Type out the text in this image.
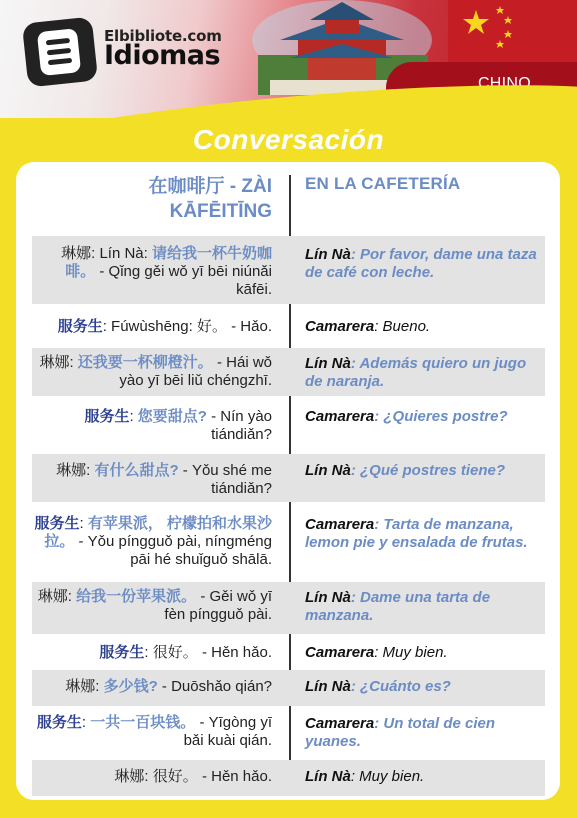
Elbibliote.com
Idiomas
CHINO
Conversación
在咖啡厅 - ZÀI KĀFĒITĪNG
EN LA CAFETERÍA
琳娜: Lín Nà: 请给我一杯牛奶咖啡。 - Qǐng gěi wǒ yī bēi niúnǎi kāfēi.
Lín Nà: Por favor, dame una taza de café con leche.
服务生: Fúwùshēng: 好。 - Hǎo. Camarera: Bueno.
琳娜: 还我要一杯柳橙汁。 - Hái wǒ yào yī bēi liǔ chéngzhī.
Lín Nà: Además quiero un jugo de naranja.
服务生: 您要甜点? - Nín yào tiándiǎn?
Camarera: ¿Quieres postre?
琳娜: 有什么甜点? - Yǒu shé me tiándiǎn?
Lín Nà: ¿Qué postres tiene?
服务生: 有苹果派， 柠檬拍和水果沙拉。 - Yǒu píngguǒ pài, níngméng pāi hé shuǐguǒ shālā.
Camarera: Tarta de manzana, lemon pie y ensalada de frutas.
琳娜: 给我一份苹果派。 - Gěi wǒ yī fèn píngguǒ pài.
Lín Nà: Dame una tarta de manzana.
服务生: 很好。 - Hěn hǎo. Camarera: Muy bien.
琳娜: 多少钱? - Duōshǎo qián? Lín Nà: ¿Cuánto es?
服务生: 一共一百块钱。 - Yīgòng yī bǎi kuài qián.
Camarera: Un total de cien yuanes.
琳娜: 很好。 - Hěn hǎo. Lín Nà: Muy bien.
